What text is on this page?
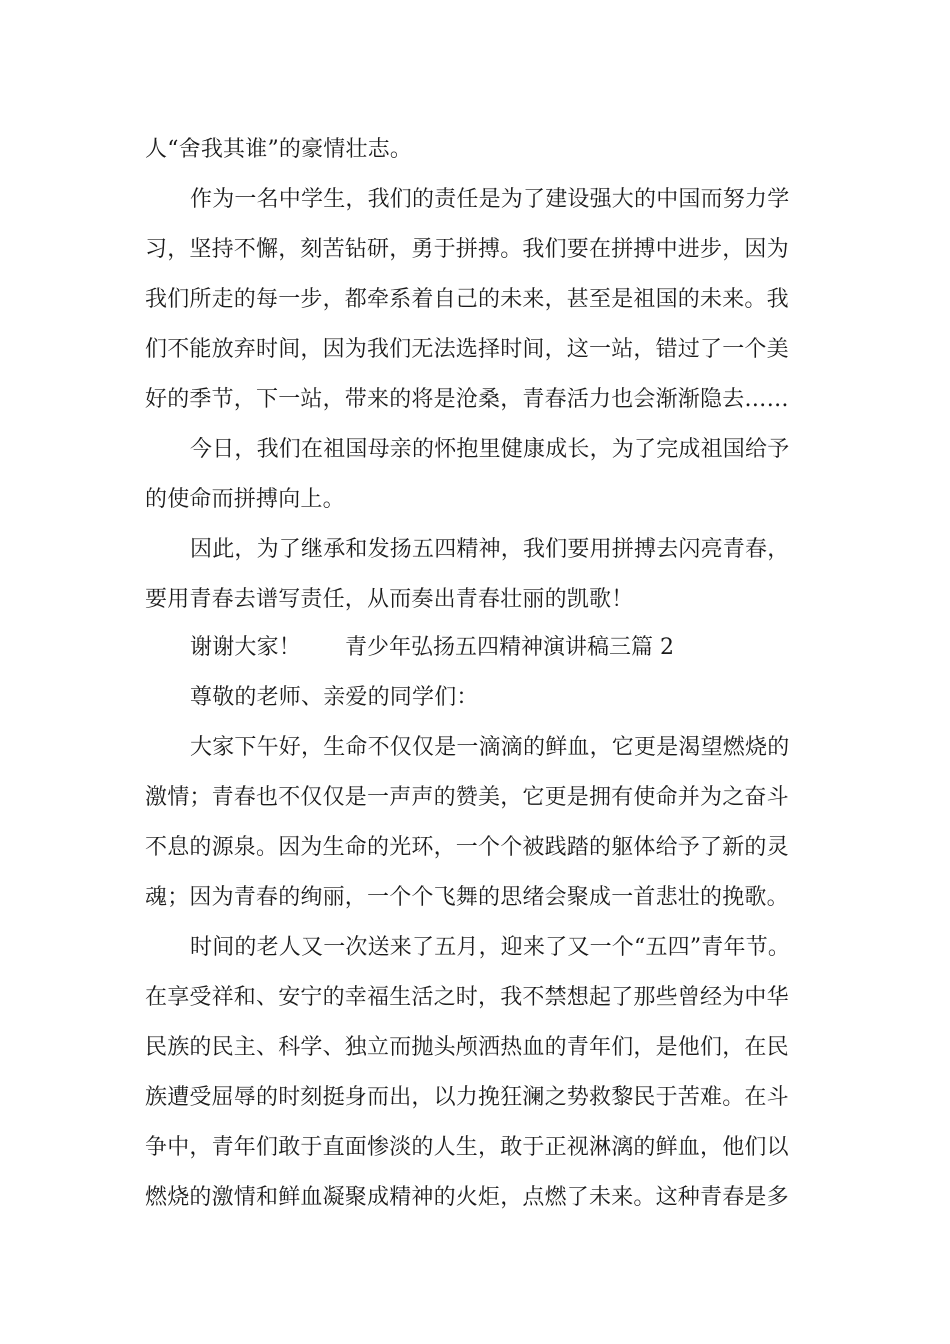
人“舍我其谁”的豪情壮志。
作为一名中学生，我们的责任是为了建设强大的中国而努力学
习，坚持不懈，刻苦钻研，勇于拼搏。我们要在拼搏中进步，因为
我们所走的每一步，都牵系着自己的未来，甚至是祖国的未来。我
们不能放弃时间，因为我们无法选择时间，这一站，错过了一个美
好的季节，下一站，带来的将是沧桑，青春活力也会渐渐隐去……
今日，我们在祖国母亲的怀抱里健康成长，为了完成祖国给予
的使命而拼搏向上。
因此，为了继承和发扬五四精神，我们要用拼搏去闪亮青春，
要用青春去谱写责任，从而奏出青春壮丽的凯歌！
谢谢大家！ 青少年弘扬五四精神演讲稿三篇 2
尊敬的老师、亲爱的同学们：
大家下午好，生命不仅仅是一滴滴的鲜血，它更是渴望燃烧的
激情；青春也不仅仅是一声声的赞美，它更是拥有使命并为之奋斗
不息的源泉。因为生命的光环，一个个被践踏的躯体给予了新的灵
魂；因为青春的绚丽，一个个飞舞的思绪会聚成一首悲壮的挽歌。
时间的老人又一次送来了五月，迎来了又一个“五四”青年节。
在享受祥和、安宁的幸福生活之时，我不禁想起了那些曾经为中华
民族的民主、科学、独立而抛头颅洒热血的青年们，是他们，在民
族遭受屈辱的时刻挺身而出，以力挽狂澜之势救黎民于苦难。在斗
争中，青年们敢于直面惨淡的人生，敢于正视淋漓的鲜血，他们以
燃烧的激情和鲜血凝聚成精神的火炬，点燃了未来。这种青春是多
